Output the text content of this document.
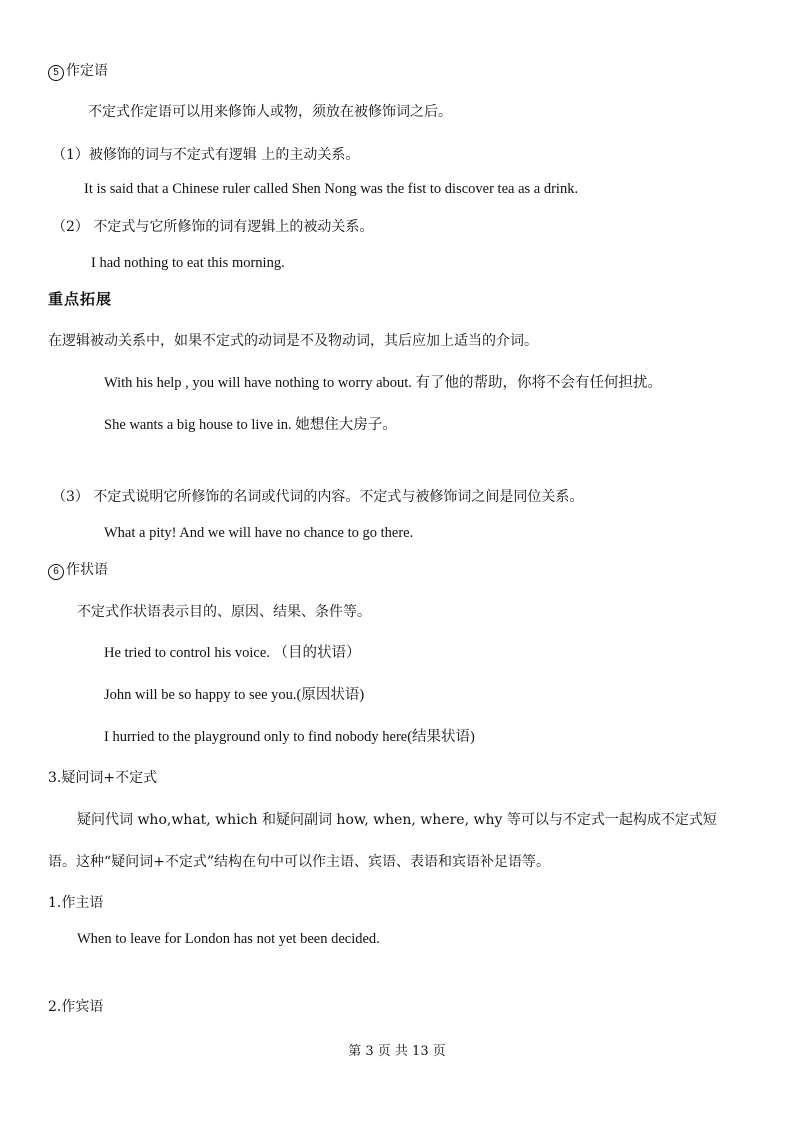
5 作定语
不定式作定语可以用来修饰人或物，须放在被修饰词之后。
（1）被修饰的词与不定式有逻辑 上的主动关系。
It is said that a Chinese ruler called Shen Nong was the fist to discover tea as a drink.
（2） 不定式与它所修饰的词有逻辑上的被动关系。
I had nothing to eat this morning.
重点拓展
在逻辑被动关系中，如果不定式的动词是不及物动词，其后应加上适当的介词。
With his help , you will have nothing to worry about. 有了他的帮助，你将不会有任何担扰。
She wants a big house to live in. 她想住大房子。
（3） 不定式说明它所修饰的名词或代词的内容。不定式与被修饰词之间是同位关系。
What a pity! And we will have no chance to go there.
6 作状语
不定式作状语表示目的、原因、结果、条件等。
He tried to control his voice. （目的状语）
John will be so happy to see you.(原因状语)
I hurried to the playground only to find nobody here(结果状语)
3.疑问词+不定式
疑问代词 who,what, which 和疑问副词 how, when, where, why 等可以与不定式一起构成不定式短
语。这种“疑问词+不定式”结构在句中可以作主语、宾语、表语和宾语补足语等。
1.作主语
When to leave for London has not yet been decided.
2.作宾语
第 3 页 共 13 页
